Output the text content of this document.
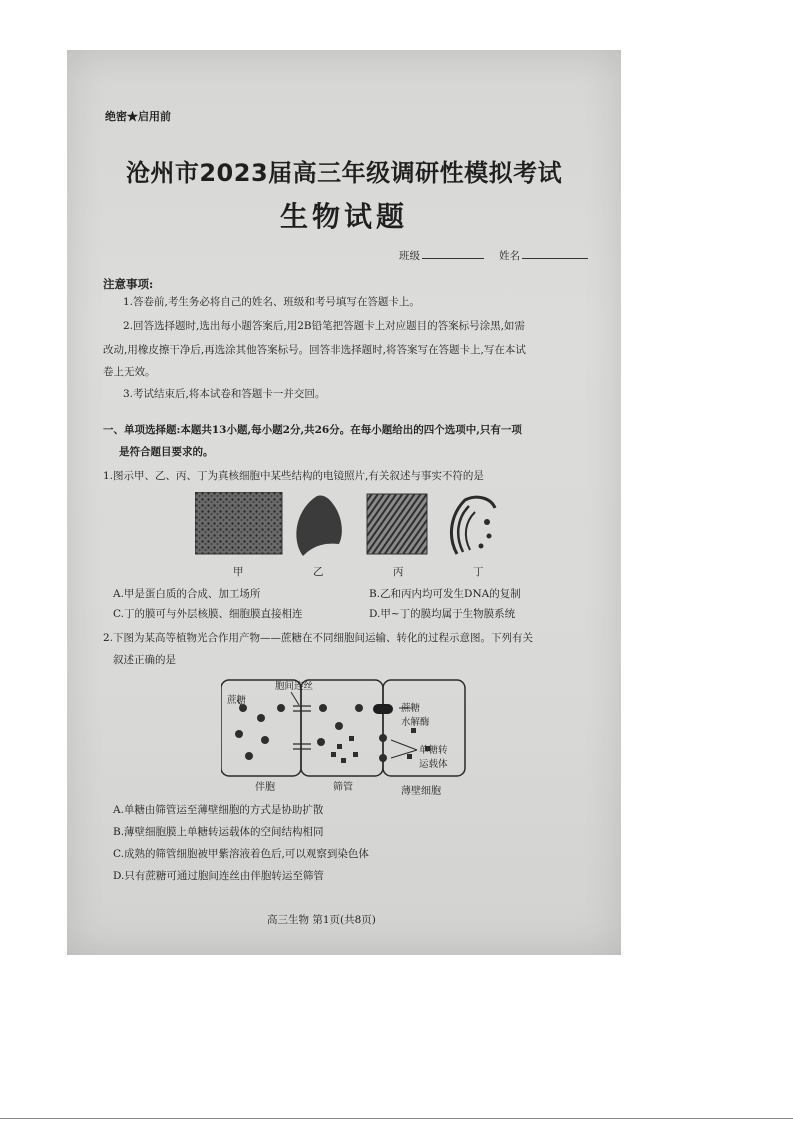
绝密★启用前
沧州市2023届高三年级调研性模拟考试
生物试题
班级	姓名
注意事项:
1.答卷前,考生务必将自己的姓名、班级和考号填写在答题卡上。
2.回答选择题时,选出每小题答案后,用2B铅笔把答题卡上对应题目的答案标号涂黑,如需
改动,用橡皮擦干净后,再选涂其他答案标号。回答非选择题时,将答案写在答题卡上,写在本试
卷上无效。
3.考试结束后,将本试卷和答题卡一并交回。
一、单项选择题:本题共13小题,每小题2分,共26分。在每小题给出的四个选项中,只有一项
是符合题目要求的。
1.图示甲、乙、丙、丁为真核细胞中某些结构的电镜照片,有关叙述与事实不符的是
甲	乙	丙	丁
A.甲是蛋白质的合成、加工场所	B.乙和丙内均可发生DNA的复制
C.丁的膜可与外层核膜、细胞膜直接相连	D.甲~丁的膜均属于生物膜系统
2.下图为某高等植物光合作用产物——蔗糖在不同细胞间运输、转化的过程示意图。下列有关
叙述正确的是
蔗糖
胞间连丝
蔗糖
水解酶
单糖转
运载体
伴胞	筛管	薄壁细胞
A.单糖由筛管运至薄壁细胞的方式是协助扩散
B.薄壁细胞膜上单糖转运载体的空间结构相同
C.成熟的筛管细胞被甲紫溶液着色后,可以观察到染色体
D.只有蔗糖可通过胞间连丝由伴胞转运至筛管
高三生物 第1页(共8页)
